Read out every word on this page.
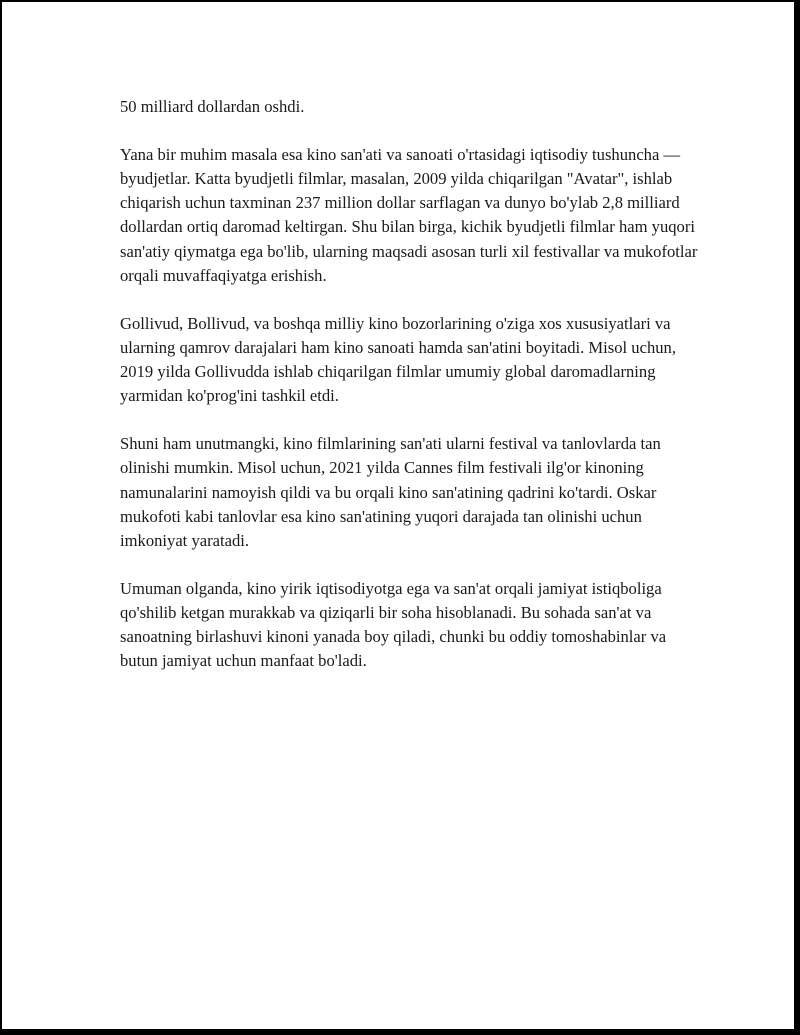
50 milliard dollardan oshdi.

Yana bir muhim masala esa kino san'ati va sanoati o'rtasidagi iqtisodiy tushuncha — byudjetlar. Katta byudjetli filmlar, masalan, 2009 yilda chiqarilgan "Avatar", ishlab chiqarish uchun taxminan 237 million dollar sarflagan va dunyo bo'ylab 2,8 milliard dollardan ortiq daromad keltirgan. Shu bilan birga, kichik byudjetli filmlar ham yuqori san'atiy qiymatga ega bo'lib, ularning maqsadi asosan turli xil festivallar va mukofotlar orqali muvaffaqiyatga erishish.

Gollivud, Bollivud, va boshqa milliy kino bozorlarining o'ziga xos xususiyatlari va ularning qamrov darajalari ham kino sanoati hamda san'atini boyitadi. Misol uchun, 2019 yilda Gollivudda ishlab chiqarilgan filmlar umumiy global daromadlarning yarmidan ko'prog'ini tashkil etdi.

Shuni ham unutmangki, kino filmlarining san'ati ularni festival va tanlovlarda tan olinishi mumkin. Misol uchun, 2021 yilda Cannes film festivali ilg'or kinoning namunalarini namoyish qildi va bu orqali kino san'atining qadrini ko'tardi. Oskar mukofoti kabi tanlovlar esa kino san'atining yuqori darajada tan olinishi uchun imkoniyat yaratadi.

Umuman olganda, kino yirik iqtisodiyotga ega va san'at orqali jamiyat istiqboliga qo'shilib ketgan murakkab va qiziqarli bir soha hisoblanadi. Bu sohada san'at va sanoatning birlashuvi kinoni yanada boy qiladi, chunki bu oddiy tomoshabinlar va butun jamiyat uchun manfaat bo'ladi.
